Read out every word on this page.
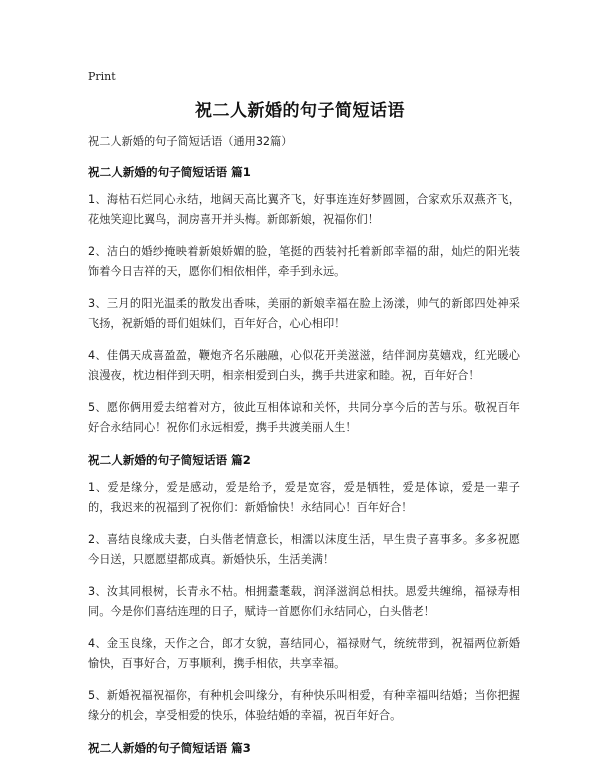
Print
祝二人新婚的句子简短话语
祝二人新婚的句子简短话语（通用32篇）
祝二人新婚的句子简短话语 篇1

1、海枯石烂同心永结，地阔天高比翼齐飞，好事连连好梦圆圆，合家欢乐双燕齐飞，花烛笑迎比翼鸟，洞房喜开并头梅。新郎新娘，祝福你们！

2、洁白的婚纱掩映着新娘娇媚的脸，笔挺的西装衬托着新郎幸福的甜，灿烂的阳光装饰着今日吉祥的天，愿你们相依相伴，牵手到永远。

3、三月的阳光温柔的散发出香味，美丽的新娘幸福在脸上汤漾，帅气的新郎四处神采飞扬，祝新婚的哥们姐妹们，百年好合，心心相印！

4、佳偶天成喜盈盈，鞭炮齐名乐融融，心似花开美滋滋，结伴洞房莫嬉戏，红光暖心浪漫夜，枕边相伴到天明，相亲相爱到白头，携手共进家和睦。祝，百年好合！

5、愿你俩用爱去绾着对方，彼此互相体谅和关怀，共同分享今后的苦与乐。敬祝百年好合永结同心！祝你们永远相爱，携手共渡美丽人生！

祝二人新婚的句子简短话语 篇2

1、爱是缘分，爱是感动，爱是给予，爱是宽容，爱是牺牲，爱是体谅，爱是一辈子的，我迟来的祝福到了祝你们：新婚愉快！永结同心！百年好合！

2、喜结良缘成夫妻，白头偕老情意长，相濡以沫度生活，早生贵子喜事多。多多祝愿今日送，只愿愿望都成真。新婚快乐，生活美满！

3、汝其同根树，长青永不枯。相拥耋耄载，润泽滋润总相扶。恩爱共缠绵，福禄寿相同。今是你们喜结连理的日子，赋诗一首愿你们永结同心，白头偕老！

4、金玉良缘，天作之合，郎才女貌，喜结同心，福禄财气，统统带到，祝福两位新婚愉快，百事好合，万事顺利，携手相依，共享幸福。

5、新婚祝福祝福你，有种机会叫缘分，有种快乐叫相爱，有种幸福叫结婚；当你把握缘分的机会，享受相爱的快乐，体验结婚的幸福，祝百年好合。

祝二人新婚的句子简短话语 篇3
